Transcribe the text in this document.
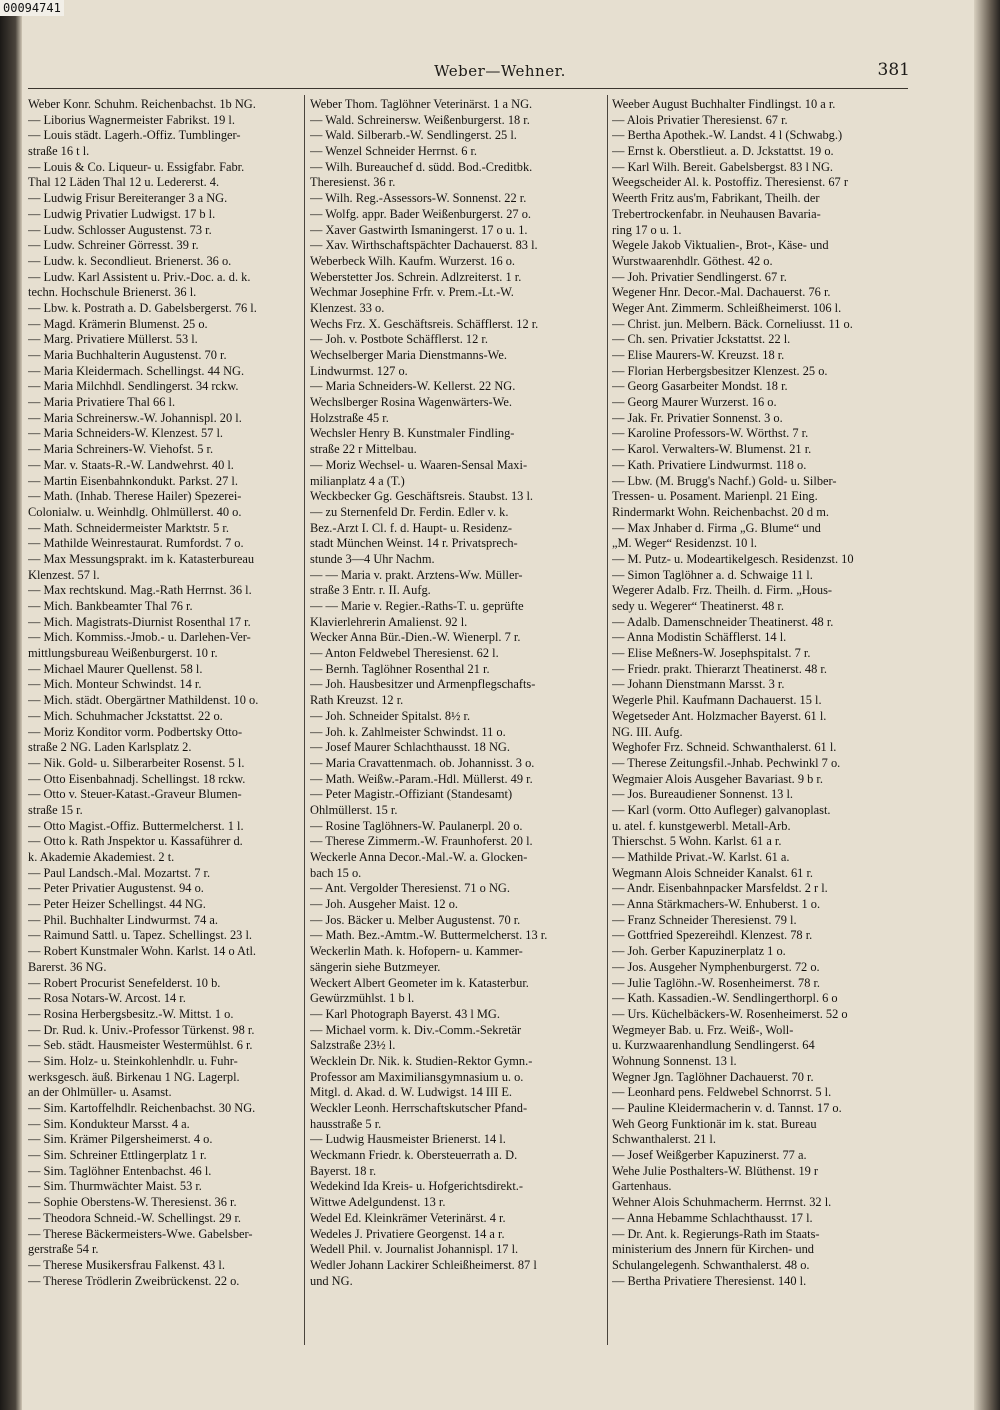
00094741
Weber—Wehner.	381
Weber Konr. Schuhm. Reichenbachst. 1b NG.
— Liborius Wagnermeister Fabrikst. 19 l.
— Louis städt. Lagerh.-Offiz. Tumblinger-
straße 16 t l.
— Louis & Co. Liqueur- u. Essigfabr. Fabr.
Thal 12 Läden Thal 12 u. Ledererst. 4.
— Ludwig Frisur Bereiteranger 3 a NG.
— Ludwig Privatier Ludwigst. 17 b l.
— Ludw. Schlosser Augustenst. 73 r.
— Ludw. Schreiner Görresst. 39 r.
— Ludw. k. Secondlieut. Brienerst. 36 o.
— Ludw. Karl Assistent u. Priv.-Doc. a. d. k.
techn. Hochschule Brienerst. 36 l.
— Lbw. k. Postrath a. D. Gabelsbergerst. 76 l.
— Magd. Krämerin Blumenst. 25 o.
— Marg. Privatiere Müllerst. 53 l.
— Maria Buchhalterin Augustenst. 70 r.
— Maria Kleidermach. Schellingst. 44 NG.
— Maria Milchhdl. Sendlingerst. 34 rckw.
— Maria Privatiere Thal 66 l.
— Maria Schreinersw.-W. Johannispl. 20 l.
— Maria Schneiders-W. Klenzest. 57 l.
— Maria Schreiners-W. Viehofst. 5 r.
— Mar. v. Staats-R.-W. Landwehrst. 40 l.
— Martin Eisenbahnkondukt. Parkst. 27 l.
— Math. (Inhab. Therese Hailer) Spezerei-
Colonialw. u. Weinhdlg. Ohlmüllerst. 40 o.
— Math. Schneidermeister Marktstr. 5 r.
— Mathilde Weinrestaurat. Rumfordst. 7 o.
— Max Messungsprakt. im k. Katasterbureau
Klenzest. 57 l.
— Max rechtskund. Mag.-Rath Herrnst. 36 l.
— Mich. Bankbeamter Thal 76 r.
— Mich. Magistrats-Diurnist Rosenthal 17 r.
— Mich. Kommiss.-Jmob.- u. Darlehen-Ver-
mittlungsbureau Weißenburgerst. 10 r.
— Michael Maurer Quellenst. 58 l.
— Mich. Monteur Schwindst. 14 r.
— Mich. städt. Obergärtner Mathildenst. 10 o.
— Mich. Schuhmacher Jckstattst. 22 o.
— Moriz Konditor vorm. Podbertsky Otto-
straße 2 NG. Laden Karlsplatz 2.
— Nik. Gold- u. Silberarbeiter Rosenst. 5 l.
— Otto Eisenbahnadj. Schellingst. 18 rckw.
— Otto v. Steuer-Katast.-Graveur Blumen-
straße 15 r.
— Otto Magist.-Offiz. Buttermelcherst. 1 l.
— Otto k. Rath Jnspektor u. Kassaführer d.
k. Akademie Akademiest. 2 t.
— Paul Landsch.-Mal. Mozartst. 7 r.
— Peter Privatier Augustenst. 94 o.
— Peter Heizer Schellingst. 44 NG.
— Phil. Buchhalter Lindwurmst. 74 a.
— Raimund Sattl. u. Tapez. Schellingst. 23 l.
— Robert Kunstmaler Wohn. Karlst. 14 o Atl.
Barerst. 36 NG.
— Robert Procurist Senefelderst. 10 b.
— Rosa Notars-W. Arcost. 14 r.
— Rosina Herbergsbesitz.-W. Mittst. 1 o.
— Dr. Rud. k. Univ.-Professor Türkenst. 98 r.
— Seb. städt. Hausmeister Westermühlst. 6 r.
— Sim. Holz- u. Steinkohlenhdlr. u. Fuhr-
werksgesch. äuß. Birkenau 1 NG. Lagerpl.
an der Ohlmüller- u. Asamst.
— Sim. Kartoffelhdlr. Reichenbachst. 30 NG.
— Sim. Kondukteur Marsst. 4 a.
— Sim. Krämer Pilgersheimerst. 4 o.
— Sim. Schreiner Ettlingerplatz 1 r.
— Sim. Taglöhner Entenbachst. 46 l.
— Sim. Thurmwächter Maist. 53 r.
— Sophie Oberstens-W. Theresienst. 36 r.
— Theodora Schneid.-W. Schellingst. 29 r.
— Therese Bäckermeisters-Wwe. Gabelsber-
gerstraße 54 r.
— Therese Musikersfrau Falkenst. 43 l.
— Therese Trödlerin Zweibrückenst. 22 o.
Weber Thom. Taglöhner Veterinärst. 1 a NG.
— Wald. Schreinersw. Weißenburgerst. 18 r.
— Wald. Silberarb.-W. Sendlingerst. 25 l.
— Wenzel Schneider Herrnst. 6 r.
— Wilh. Bureauchef d. südd. Bod.-Creditbk.
Theresienst. 36 r.
— Wilh. Reg.-Assessors-W. Sonnenst. 22 r.
— Wolfg. appr. Bader Weißenburgerst. 27 o.
— Xaver Gastwirth Ismaningerst. 17 o u. 1.
— Xav. Wirthschaftspächter Dachauerst. 83 l.
Weberbeck Wilh. Kaufm. Wurzerst. 16 o.
Weberstetter Jos. Schrein. Adlzreiterst. 1 r.
Wechmar Josephine Frfr. v. Prem.-Lt.-W.
Klenzest. 33 o.
Wechs Frz. X. Geschäftsreis. Schäfflerst. 12 r.
— Joh. v. Postbote Schäfflerst. 12 r.
Wechselberger Maria Dienstmanns-We.
Lindwurmst. 127 o.
— Maria Schneiders-W. Kellerst. 22 NG.
Wechslberger Rosina Wagenwärters-We.
Holzstraße 45 r.
Wechsler Henry B. Kunstmaler Findling-
straße 22 r Mittelbau.
— Moriz Wechsel- u. Waaren-Sensal Maxi-
milianplatz 4 a (T.)
Weckbecker Gg. Geschäftsreis. Staubst. 13 l.
— zu Sternenfeld Dr. Ferdin. Edler v. k.
Bez.-Arzt I. Cl. f. d. Haupt- u. Residenz-
stadt München Weinst. 14 r. Privatsprech-
stunde 3—4 Uhr Nachm.
— — Maria v. prakt. Arztens-Ww. Müller-
straße 3 Entr. r. II. Aufg.
— — Marie v. Regier.-Raths-T. u. geprüfte
Klavierlehrerin Amalienst. 92 l.
Wecker Anna Bür.-Dien.-W. Wienerpl. 7 r.
— Anton Feldwebel Theresienst. 62 l.
— Bernh. Taglöhner Rosenthal 21 r.
— Joh. Hausbesitzer und Armenpflegschafts-
Rath Kreuzst. 12 r.
— Joh. Schneider Spitalst. 8½ r.
— Joh. k. Zahlmeister Schwindst. 11 o.
— Josef Maurer Schlachthausst. 18 NG.
— Maria Cravattenmach. ob. Johannisst. 3 o.
— Math. Weißw.-Param.-Hdl. Müllerst. 49 r.
— Peter Magistr.-Offiziant (Standesamt)
Ohlmüllerst. 15 r.
— Rosine Taglöhners-W. Paulanerpl. 20 o.
— Therese Zimmerm.-W. Fraunhoferst. 20 l.
Weckerle Anna Decor.-Mal.-W. a. Glocken-
bach 15 o.
— Ant. Vergolder Theresienst. 71 o NG.
— Joh. Ausgeher Maist. 12 o.
— Jos. Bäcker u. Melber Augustenst. 70 r.
— Math. Bez.-Amtm.-W. Buttermelcherst. 13 r.
Weckerlin Math. k. Hofopern- u. Kammer-
sängerin siehe Butzmeyer.
Weckert Albert Geometer im k. Katasterbur.
Gewürzmühlst. 1 b l.
— Karl Photograph Bayerst. 43 l MG.
— Michael vorm. k. Div.-Comm.-Sekretär
Salzstraße 23½ l.
Wecklein Dr. Nik. k. Studien-Rektor Gymn.-
Professor am Maximiliansgymnasium u. o.
Mitgl. d. Akad. d. W. Ludwigst. 14 III E.
Weckler Leonh. Herrschaftskutscher Pfand-
hausstraße 5 r.
— Ludwig Hausmeister Brienerst. 14 l.
Weckmann Friedr. k. Obersteuerrath a. D.
Bayerst. 18 r.
Wedekind Ida Kreis- u. Hofgerichtsdirekt.-
Wittwe Adelgundenst. 13 r.
Wedel Ed. Kleinkrämer Veterinärst. 4 r.
Wedeles J. Privatiere Georgenst. 14 a r.
Wedell Phil. v. Journalist Johannispl. 17 l.
Wedler Johann Lackirer Schleißheimerst. 87 l
und NG.
Weeber August Buchhalter Findlingst. 10 a r.
— Alois Privatier Theresienst. 67 r.
— Bertha Apothek.-W. Landst. 4 l (Schwabg.)
— Ernst k. Oberstlieut. a. D. Jckstattst. 19 o.
— Karl Wilh. Bereit. Gabelsbergst. 83 l NG.
Weegscheider Al. k. Postoffiz. Theresienst. 67 r
Weerth Fritz aus'm, Fabrikant, Theilh. der
Trebertrockenfabr. in Neuhausen Bavaria-
ring 17 o u. 1.
Wegele Jakob Viktualien-, Brot-, Käse- und
Wurstwaarenhdlr. Göthest. 42 o.
— Joh. Privatier Sendlingerst. 67 r.
Wegener Hnr. Decor.-Mal. Dachauerst. 76 r.
Weger Ant. Zimmerm. Schleißheimerst. 106 l.
— Christ. jun. Melbern. Bäck. Corneliusst. 11 o.
— Ch. sen. Privatier Jckstattst. 22 l.
— Elise Maurers-W. Kreuzst. 18 r.
— Florian Herbergsbesitzer Klenzest. 25 o.
— Georg Gasarbeiter Mondst. 18 r.
— Georg Maurer Wurzerst. 16 o.
— Jak. Fr. Privatier Sonnenst. 3 o.
— Karoline Professors-W. Wörthst. 7 r.
— Karol. Verwalters-W. Blumenst. 21 r.
— Kath. Privatiere Lindwurmst. 118 o.
— Lbw. (M. Brugg's Nachf.) Gold- u. Silber-
Tressen- u. Posament. Marienpl. 21 Eing.
Rindermarkt Wohn. Reichenbachst. 20 d m.
— Max Jnhaber d. Firma „G. Blume“ und
„M. Weger“ Residenzst. 10 l.
— M. Putz- u. Modeartikelgesch. Residenzst. 10
— Simon Taglöhner a. d. Schwaige 11 l.
Wegerer Adalb. Frz. Theilh. d. Firm. „Hous-
sedy u. Wegerer“ Theatinerst. 48 r.
— Adalb. Damenschneider Theatinerst. 48 r.
— Anna Modistin Schäfflerst. 14 l.
— Elise Meßners-W. Josephspitalst. 7 r.
— Friedr. prakt. Thierarzt Theatinerst. 48 r.
— Johann Dienstmann Marsst. 3 r.
Wegerle Phil. Kaufmann Dachauerst. 15 l.
Wegetseder Ant. Holzmacher Bayerst. 61 l.
NG. III. Aufg.
Weghofer Frz. Schneid. Schwanthalerst. 61 l.
— Therese Zeitungsfil.-Jnhab. Pechwinkl 7 o.
Wegmaier Alois Ausgeher Bavariast. 9 b r.
— Jos. Bureaudiener Sonnenst. 13 l.
— Karl (vorm. Otto Aufleger) galvanoplast.
u. atel. f. kunstgewerbl. Metall-Arb.
Thierschst. 5 Wohn. Karlst. 61 a r.
— Mathilde Privat.-W. Karlst. 61 a.
Wegmann Alois Schneider Kanalst. 61 r.
— Andr. Eisenbahnpacker Marsfeldst. 2 r l.
— Anna Stärkmachers-W. Enhuberst. 1 o.
— Franz Schneider Theresienst. 79 l.
— Gottfried Spezereihdl. Klenzest. 78 r.
— Joh. Gerber Kapuzinerplatz 1 o.
— Jos. Ausgeher Nymphenburgerst. 72 o.
— Julie Taglöhn.-W. Rosenheimerst. 78 r.
— Kath. Kassadien.-W. Sendlingerthorpl. 6 o
— Urs. Küchelbäckers-W. Rosenheimerst. 52 o
Wegmeyer Bab. u. Frz. Weiß-, Woll-
u. Kurzwaarenhandlung Sendlingerst. 64
Wohnung Sonnenst. 13 l.
Wegner Jgn. Taglöhner Dachauerst. 70 r.
— Leonhard pens. Feldwebel Schnorrst. 5 l.
— Pauline Kleidermacherin v. d. Tannst. 17 o.
Weh Georg Funktionär im k. stat. Bureau
Schwanthalerst. 21 l.
— Josef Weißgerber Kapuzinerst. 77 a.
Wehe Julie Posthalters-W. Blüthenst. 19 r
Gartenhaus.
Wehner Alois Schuhmacherm. Herrnst. 32 l.
— Anna Hebamme Schlachthausst. 17 l.
— Dr. Ant. k. Regierungs-Rath im Staats-
ministerium des Jnnern für Kirchen- und
Schulangelegenh. Schwanthalerst. 48 o.
— Bertha Privatiere Theresienst. 140 l.
